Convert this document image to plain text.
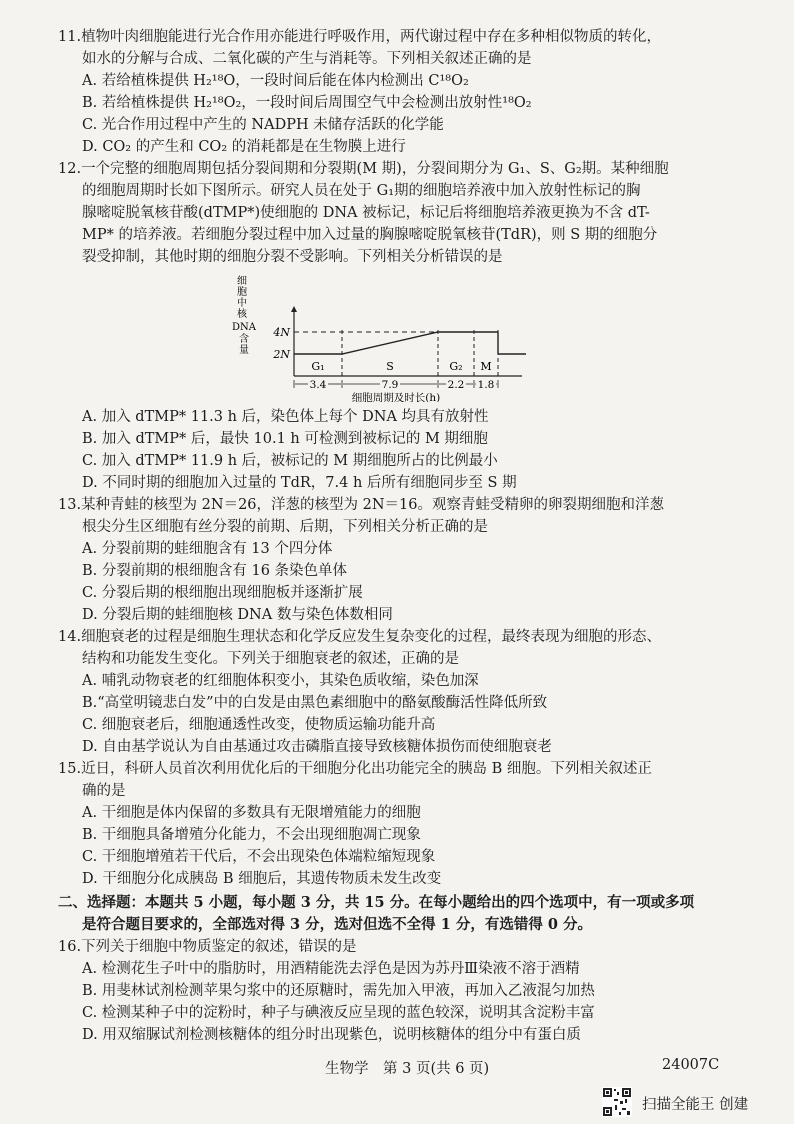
11.植物叶肉细胞能进行光合作用亦能进行呼吸作用，两代谢过程中存在多种相似物质的转化，
如水的分解与合成、二氧化碳的产生与消耗等。下列相关叙述正确的是
A. 若给植株提供 H₂¹⁸O，一段时间后能在体内检测出 C¹⁸O₂
B. 若给植株提供 H₂¹⁸O₂，一段时间后周围空气中会检测出放射性¹⁸O₂
C. 光合作用过程中产生的 NADPH 未储存活跃的化学能
D. CO₂ 的产生和 CO₂ 的消耗都是在生物膜上进行
12.一个完整的细胞周期包括分裂间期和分裂期(M 期)，分裂间期分为 G₁、S、G₂期。某种细胞
的细胞周期时长如下图所示。研究人员在处于 G₁期的细胞培养液中加入放射性标记的胸
腺嘧啶脱氧核苷酸(dTMP*)使细胞的 DNA 被标记，标记后将细胞培养液更换为不含 dT-
MP* 的培养液。若细胞分裂过程中加入过量的胸腺嘧啶脱氧核苷(TdR)，则 S 期的细胞分
裂受抑制，其他时期的细胞分裂不受影响。下列相关分析错误的是
细
胞
中
核
DNA
含
量
4N
2N
G₁	S	G₂ M
3.4	7.9	2.2 1.8
细胞周期及时长(h)
A. 加入 dTMP* 11.3 h 后，染色体上每个 DNA 均具有放射性
B. 加入 dTMP* 后，最快 10.1 h 可检测到被标记的 M 期细胞
C. 加入 dTMP* 11.9 h 后，被标记的 M 期细胞所占的比例最小
D. 不同时期的细胞加入过量的 TdR，7.4 h 后所有细胞同步至 S 期
13.某种青蛙的核型为 2N＝26，洋葱的核型为 2N＝16。观察青蛙受精卵的卵裂期细胞和洋葱
根尖分生区细胞有丝分裂的前期、后期，下列相关分析正确的是
A. 分裂前期的蛙细胞含有 13 个四分体
B. 分裂前期的根细胞含有 16 条染色单体
C. 分裂后期的根细胞出现细胞板并逐渐扩展
D. 分裂后期的蛙细胞核 DNA 数与染色体数相同
14.细胞衰老的过程是细胞生理状态和化学反应发生复杂变化的过程，最终表现为细胞的形态、
结构和功能发生变化。下列关于细胞衰老的叙述，正确的是
A. 哺乳动物衰老的红细胞体积变小，其染色质收缩，染色加深
B.“高堂明镜悲白发”中的白发是由黑色素细胞中的酪氨酸酶活性降低所致
C. 细胞衰老后，细胞通透性改变，使物质运输功能升高
D. 自由基学说认为自由基通过攻击磷脂直接导致核糖体损伤而使细胞衰老
15.近日，科研人员首次利用优化后的干细胞分化出功能完全的胰岛 B 细胞。下列相关叙述正
确的是
A. 干细胞是体内保留的多数具有无限增殖能力的细胞
B. 干细胞具备增殖分化能力，不会出现细胞凋亡现象
C. 干细胞增殖若干代后，不会出现染色体端粒缩短现象
D. 干细胞分化成胰岛 B 细胞后，其遗传物质未发生改变
二、选择题：本题共 5 小题，每小题 3 分，共 15 分。在每小题给出的四个选项中，有一项或多项
是符合题目要求的，全部选对得 3 分，选对但选不全得 1 分，有选错得 0 分。
16.下列关于细胞中物质鉴定的叙述，错误的是
A. 检测花生子叶中的脂肪时，用酒精能洗去浮色是因为苏丹Ⅲ染液不溶于酒精
B. 用斐林试剂检测苹果匀浆中的还原糖时，需先加入甲液，再加入乙液混匀加热
C. 检测某种子中的淀粉时，种子与碘液反应呈现的蓝色较深，说明其含淀粉丰富
D. 用双缩脲试剂检测核糖体的组分时出现紫色，说明核糖体的组分中有蛋白质
生物学　第 3 页(共 6 页)	24007C
扫描全能王 创建
